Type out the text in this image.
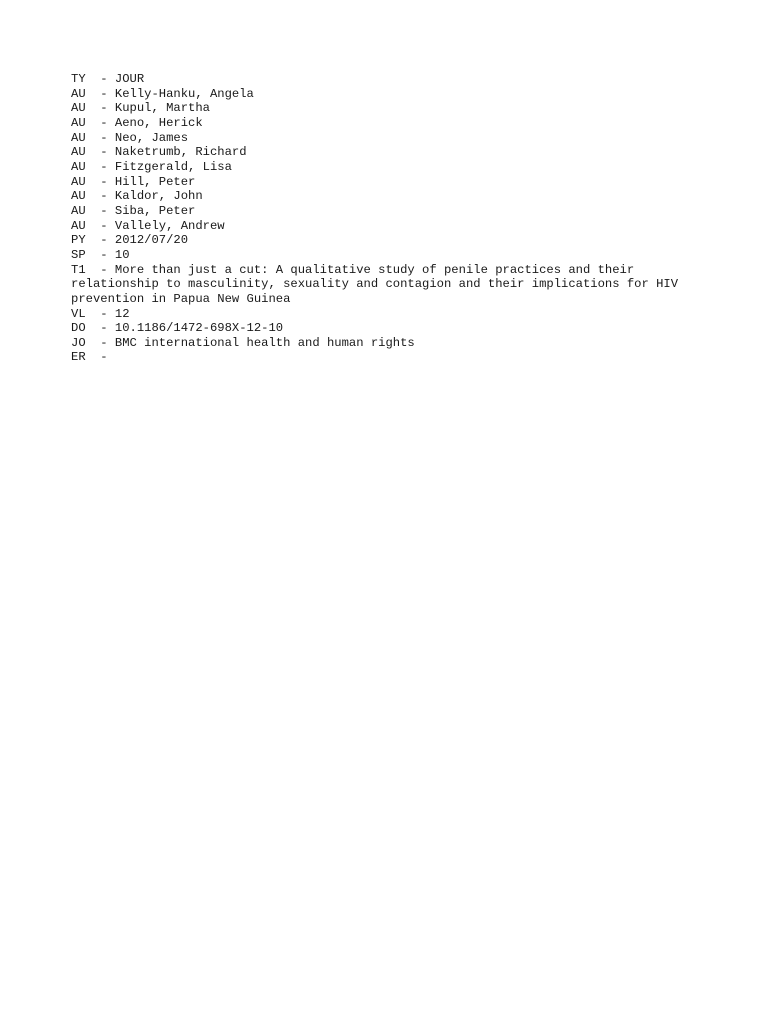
TY  - JOUR
AU  - Kelly-Hanku, Angela
AU  - Kupul, Martha
AU  - Aeno, Herick
AU  - Neo, James
AU  - Naketrumb, Richard
AU  - Fitzgerald, Lisa
AU  - Hill, Peter
AU  - Kaldor, John
AU  - Siba, Peter
AU  - Vallely, Andrew
PY  - 2012/07/20
SP  - 10
T1  - More than just a cut: A qualitative study of penile practices and their relationship to masculinity, sexuality and contagion and their implications for HIV prevention in Papua New Guinea
VL  - 12
DO  - 10.1186/1472-698X-12-10
JO  - BMC international health and human rights
ER  -
